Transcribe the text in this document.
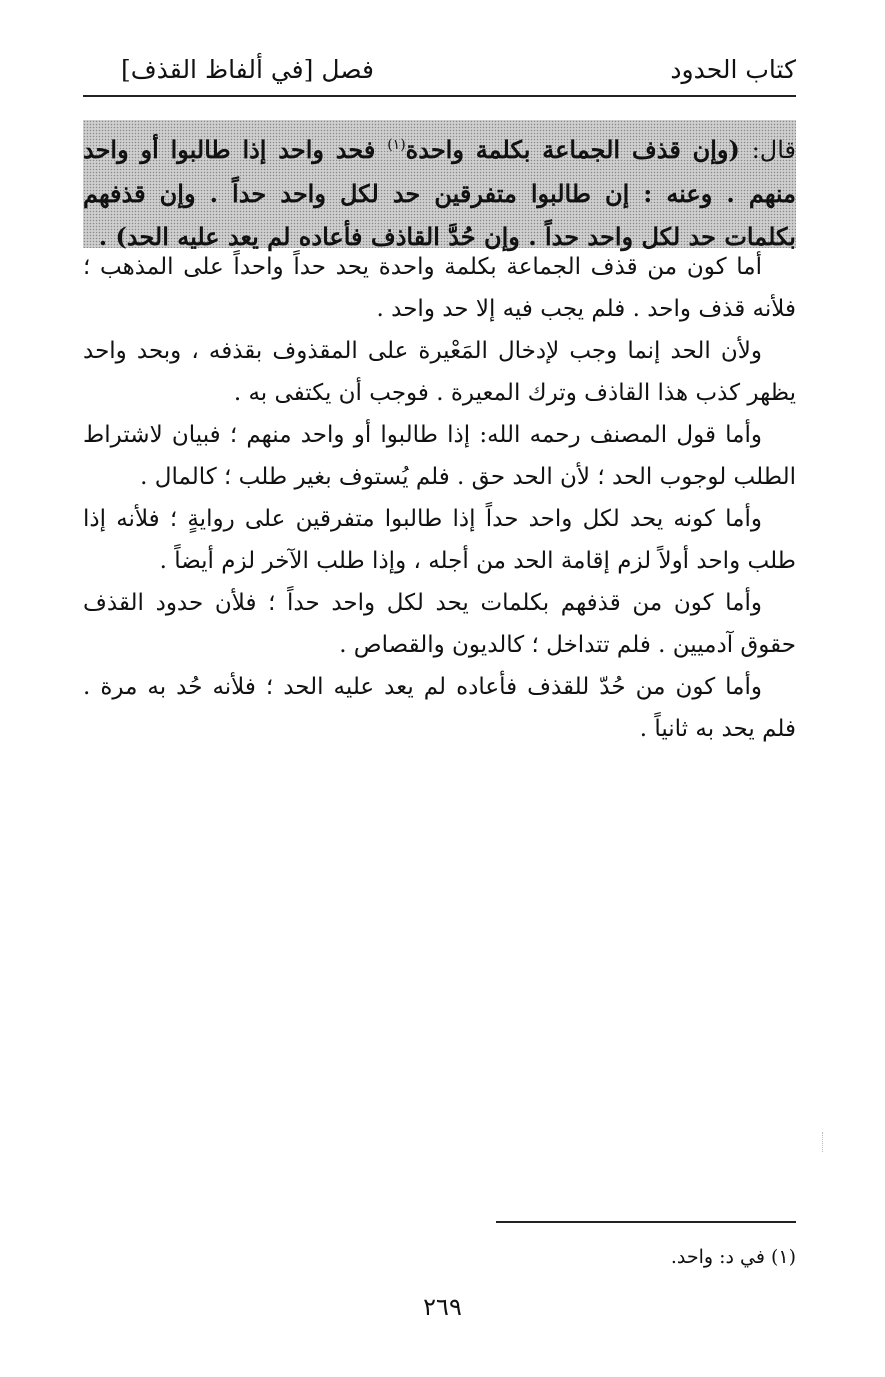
كتاب الحدود
فصل [في ألفاظ القذف]
قال: (وإن قذف الجماعة بكلمة واحدة$^{(١)}$ فحد واحد إذا طالبوا أو واحد منهم . وعنه : إن طالبوا متفرقين حد لكل واحد حداً . وإن قذفهم بكلمات حد لكل واحد حداً . وإن حُدَّ القاذف فأعاده لم يعد عليه الحد) .

أما كون من قذف الجماعة بكلمة واحدة يحد حداً واحداً على المذهب ؛ فلأنه قذف واحد . فلم يجب فيه إلا حد واحد .

ولأن الحد إنما وجب لإدخال المَعْيرة على المقذوف بقذفه ، وبحد واحد يظهر كذب هذا القاذف وترك المعيرة . فوجب أن يكتفى به .

وأما قول المصنف رحمه الله: إذا طالبوا أو واحد منهم ؛ فبيان لاشتراط الطلب لوجوب الحد ؛ لأن الحد حق . فلم يُستوف بغير طلب ؛ كالمال .

وأما كونه يحد لكل واحد حداً إذا طالبوا متفرقين على روايةٍ ؛ فلأنه إذا طلب واحد أولاً لزم إقامة الحد من أجله ، وإذا طلب الآخر لزم أيضاً .

وأما كون من قذفهم بكلمات يحد لكل واحد حداً ؛ فلأن حدود القذف حقوق آدميين . فلم تتداخل ؛ كالديون والقصاص .

وأما كون من حُدّ للقذف فأعاده لم يعد عليه الحد ؛ فلأنه حُد به مرة . فلم يحد به ثانياً .

(١) في د: واحد.
٢٦٩
